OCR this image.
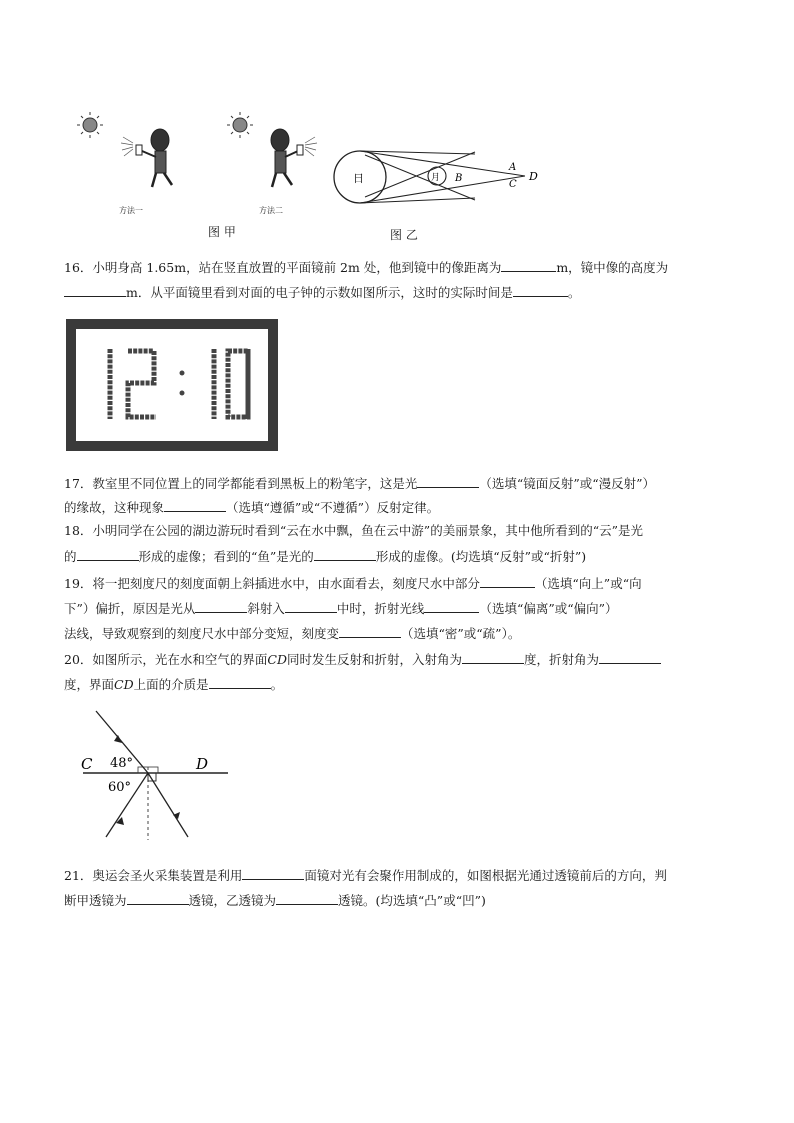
方法一	方法二
图 甲
日	月 B
A
C
D
图 乙
16．小明身高 1.65m，站在竖直放置的平面镜前 2m 处，他到镜中的像距离为	m，镜中像的高度为
m．从平面镜里看到对面的电子钟的示数如图所示，这时的实际时间是	。
17．教室里不同位置上的同学都能看到黑板上的粉笔字，这是光	（选填“镜面反射”或“漫反射”）
的缘故，这种现象	（选填“遵循”或“不遵循”）反射定律。
18．小明同学在公园的湖边游玩时看到“云在水中飘，鱼在云中游”的美丽景象，其中他所看到的“云”是光
的	形成的虚像；看到的“鱼”是光的	形成的虚像。(均选填“反射”或“折射”)
19．将一把刻度尺的刻度面朝上斜插进水中，由水面看去，刻度尺水中部分	（选填“向上”或“向
下”）偏折，原因是光从	斜射入	中时，折射光线	（选填“偏离”或“偏向”）
法线，导致观察到的刻度尺水中部分变短，刻度变	（选填“密”或“疏”）。
20．如图所示，光在水和空气的界面CD同时发生反射和折射，入射角为	度，折射角为
度，界面CD上面的介质是	。
C	D
48°
60°
21．奥运会圣火采集装置是利用	面镜对光有会聚作用制成的，如图根据光通过透镜前后的方向，判
断甲透镜为	透镜，乙透镜为	透镜。(均选填“凸”或“凹”)
